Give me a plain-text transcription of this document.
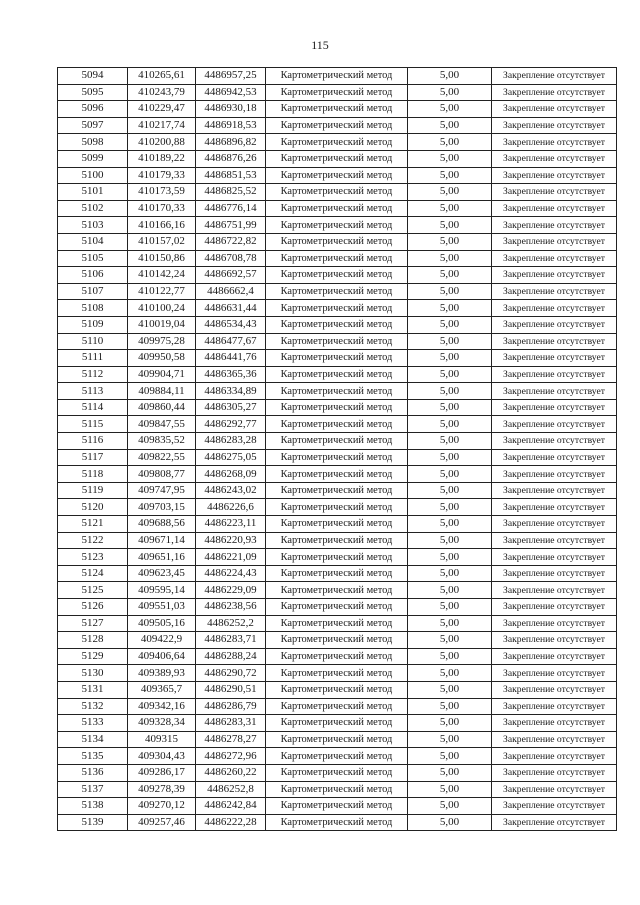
115
5094	410265,61	4486957,25	Картометрический метод	5,00	Закрепление отсутствует
5095	410243,79	4486942,53	Картометрический метод	5,00	Закрепление отсутствует
5096	410229,47	4486930,18	Картометрический метод	5,00	Закрепление отсутствует
5097	410217,74	4486918,53	Картометрический метод	5,00	Закрепление отсутствует
5098	410200,88	4486896,82	Картометрический метод	5,00	Закрепление отсутствует
5099	410189,22	4486876,26	Картометрический метод	5,00	Закрепление отсутствует
5100	410179,33	4486851,53	Картометрический метод	5,00	Закрепление отсутствует
5101	410173,59	4486825,52	Картометрический метод	5,00	Закрепление отсутствует
5102	410170,33	4486776,14	Картометрический метод	5,00	Закрепление отсутствует
5103	410166,16	4486751,99	Картометрический метод	5,00	Закрепление отсутствует
5104	410157,02	4486722,82	Картометрический метод	5,00	Закрепление отсутствует
5105	410150,86	4486708,78	Картометрический метод	5,00	Закрепление отсутствует
5106	410142,24	4486692,57	Картометрический метод	5,00	Закрепление отсутствует
5107	410122,77	4486662,4	Картометрический метод	5,00	Закрепление отсутствует
5108	410100,24	4486631,44	Картометрический метод	5,00	Закрепление отсутствует
5109	410019,04	4486534,43	Картометрический метод	5,00	Закрепление отсутствует
5110	409975,28	4486477,67	Картометрический метод	5,00	Закрепление отсутствует
5111	409950,58	4486441,76	Картометрический метод	5,00	Закрепление отсутствует
5112	409904,71	4486365,36	Картометрический метод	5,00	Закрепление отсутствует
5113	409884,11	4486334,89	Картометрический метод	5,00	Закрепление отсутствует
5114	409860,44	4486305,27	Картометрический метод	5,00	Закрепление отсутствует
5115	409847,55	4486292,77	Картометрический метод	5,00	Закрепление отсутствует
5116	409835,52	4486283,28	Картометрический метод	5,00	Закрепление отсутствует
5117	409822,55	4486275,05	Картометрический метод	5,00	Закрепление отсутствует
5118	409808,77	4486268,09	Картометрический метод	5,00	Закрепление отсутствует
5119	409747,95	4486243,02	Картометрический метод	5,00	Закрепление отсутствует
5120	409703,15	4486226,6	Картометрический метод	5,00	Закрепление отсутствует
5121	409688,56	4486223,11	Картометрический метод	5,00	Закрепление отсутствует
5122	409671,14	4486220,93	Картометрический метод	5,00	Закрепление отсутствует
5123	409651,16	4486221,09	Картометрический метод	5,00	Закрепление отсутствует
5124	409623,45	4486224,43	Картометрический метод	5,00	Закрепление отсутствует
5125	409595,14	4486229,09	Картометрический метод	5,00	Закрепление отсутствует
5126	409551,03	4486238,56	Картометрический метод	5,00	Закрепление отсутствует
5127	409505,16	4486252,2	Картометрический метод	5,00	Закрепление отсутствует
5128	409422,9	4486283,71	Картометрический метод	5,00	Закрепление отсутствует
5129	409406,64	4486288,24	Картометрический метод	5,00	Закрепление отсутствует
5130	409389,93	4486290,72	Картометрический метод	5,00	Закрепление отсутствует
5131	409365,7	4486290,51	Картометрический метод	5,00	Закрепление отсутствует
5132	409342,16	4486286,79	Картометрический метод	5,00	Закрепление отсутствует
5133	409328,34	4486283,31	Картометрический метод	5,00	Закрепление отсутствует
5134	409315	4486278,27	Картометрический метод	5,00	Закрепление отсутствует
5135	409304,43	4486272,96	Картометрический метод	5,00	Закрепление отсутствует
5136	409286,17	4486260,22	Картометрический метод	5,00	Закрепление отсутствует
5137	409278,39	4486252,8	Картометрический метод	5,00	Закрепление отсутствует
5138	409270,12	4486242,84	Картометрический метод	5,00	Закрепление отсутствует
5139	409257,46	4486222,28	Картометрический метод	5,00	Закрепление отсутствует
